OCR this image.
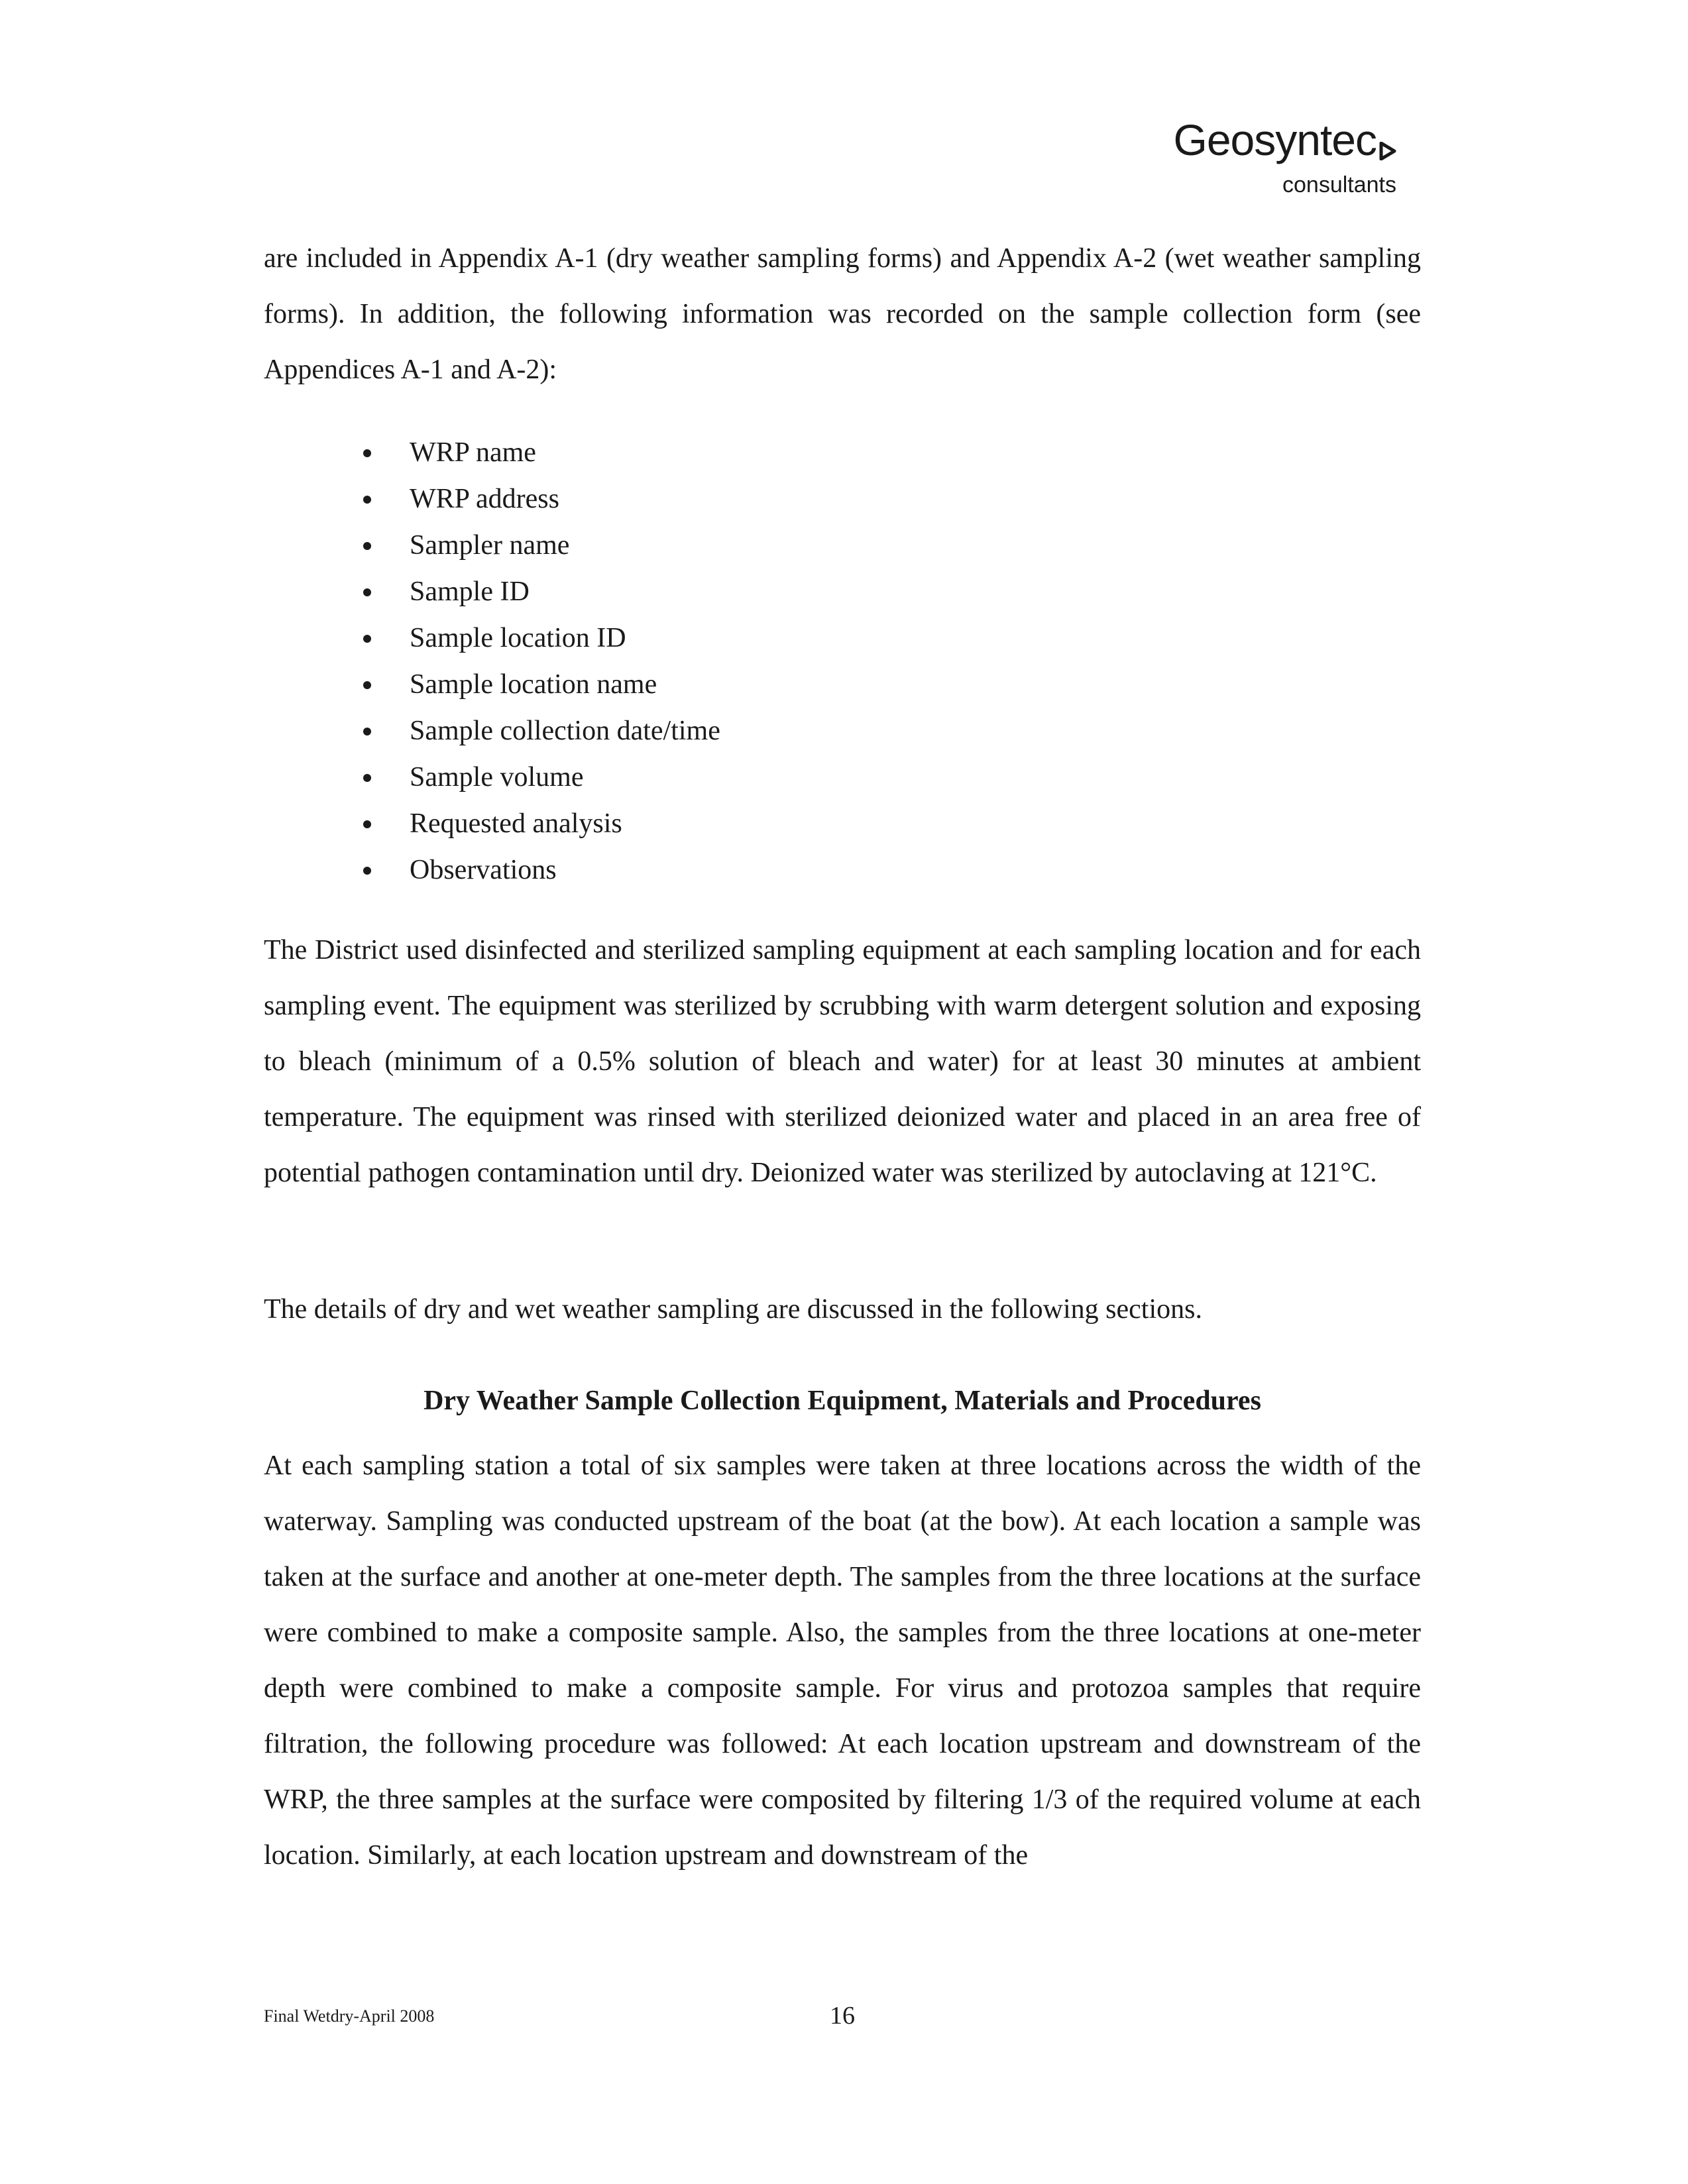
Geosyntec
consultants

are included in Appendix A-1 (dry weather sampling forms) and Appendix A-2 (wet weather sampling forms). In addition, the following information was recorded on the sample collection form (see Appendices A-1 and A-2):

WRP name
WRP address
Sampler name
Sample ID
Sample location ID
Sample location name
Sample collection date/time
Sample volume
Requested analysis
Observations

The District used disinfected and sterilized sampling equipment at each sampling location and for each sampling event. The equipment was sterilized by scrubbing with warm detergent solution and exposing to bleach (minimum of a 0.5% solution of bleach and water) for at least 30 minutes at ambient temperature. The equipment was rinsed with sterilized deionized water and placed in an area free of potential pathogen contamination until dry. Deionized water was sterilized by autoclaving at 121°C.

The details of dry and wet weather sampling are discussed in the following sections.

Dry Weather Sample Collection Equipment, Materials and Procedures

At each sampling station a total of six samples were taken at three locations across the width of the waterway. Sampling was conducted upstream of the boat (at the bow). At each location a sample was taken at the surface and another at one-meter depth. The samples from the three locations at the surface were combined to make a composite sample. Also, the samples from the three locations at one-meter depth were combined to make a composite sample. For virus and protozoa samples that require filtration, the following procedure was followed: At each location upstream and downstream of the WRP, the three samples at the surface were composited by filtering 1/3 of the required volume at each location. Similarly, at each location upstream and downstream of the

Final Wetdry-April 2008	16
